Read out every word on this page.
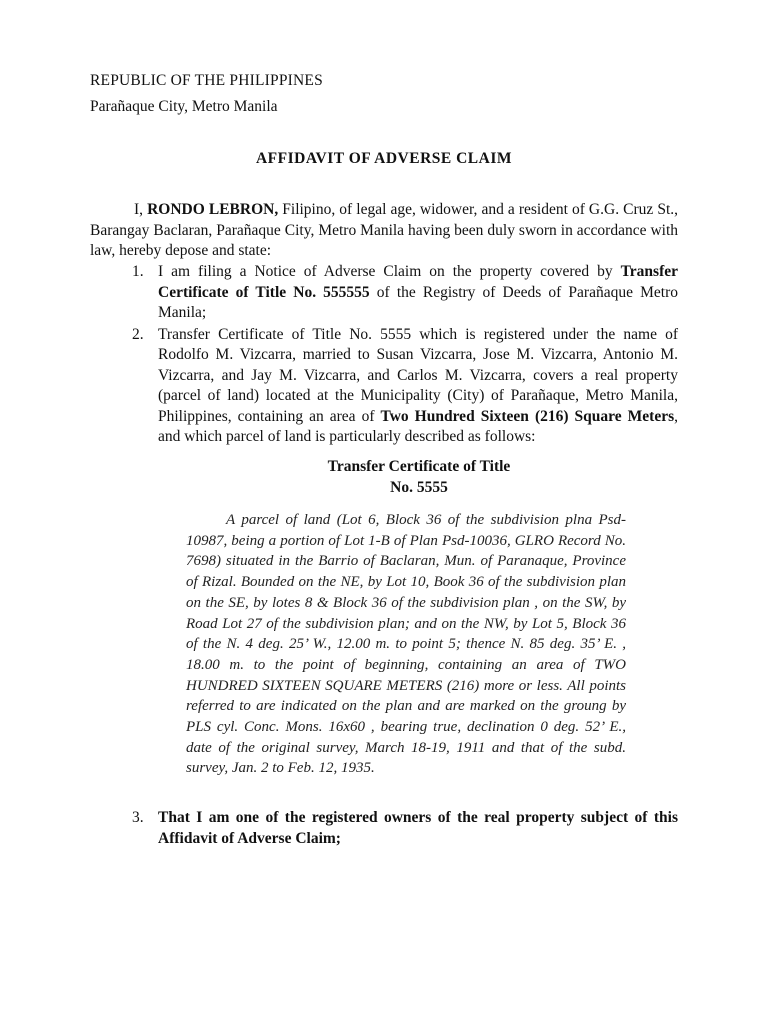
REPUBLIC OF THE PHILIPPINES
Parañaque City, Metro Manila
AFFIDAVIT OF ADVERSE CLAIM
I, RONDO LEBRON, Filipino, of legal age, widower, and a resident of G.G. Cruz St., Barangay Baclaran, Parañaque City, Metro Manila having been duly sworn in accordance with law, hereby depose and state:
1. I am filing a Notice of Adverse Claim on the property covered by Transfer Certificate of Title No. 555555 of the Registry of Deeds of Parañaque Metro Manila;
2. Transfer Certificate of Title No. 5555 which is registered under the name of Rodolfo M. Vizcarra, married to Susan Vizcarra, Jose M. Vizcarra, Antonio M. Vizcarra, and Jay M. Vizcarra, and Carlos M. Vizcarra, covers a real property (parcel of land) located at the Municipality (City) of Parañaque, Metro Manila, Philippines, containing an area of Two Hundred Sixteen (216) Square Meters, and which parcel of land is particularly described as follows:
Transfer Certificate of Title
No. 5555
A parcel of land (Lot 6, Block 36 of the subdivision plna Psd-10987, being a portion of Lot 1-B of Plan Psd-10036, GLRO Record No. 7698) situated in the Barrio of Baclaran, Mun. of Paranaque, Province of Rizal. Bounded on the NE, by Lot 10, Book 36 of the subdivision plan on the SE, by lotes 8 & Block 36 of the subdivision plan , on the SW, by Road Lot 27 of the subdivision plan; and on the NW, by Lot 5, Block 36 of the N. 4 deg. 25’ W., 12.00 m. to point 5; thence N. 85 deg. 35’ E. , 18.00 m. to the point of beginning, containing an area of TWO HUNDRED SIXTEEN SQUARE METERS (216) more or less. All points referred to are indicated on the plan and are marked on the groung by PLS cyl. Conc. Mons. 16x60 , bearing true, declination 0 deg. 52’ E., date of the original survey, March 18-19, 1911 and that of the subd. survey, Jan. 2 to Feb. 12, 1935.
3. That I am one of the registered owners of the real property subject of this Affidavit of Adverse Claim;
